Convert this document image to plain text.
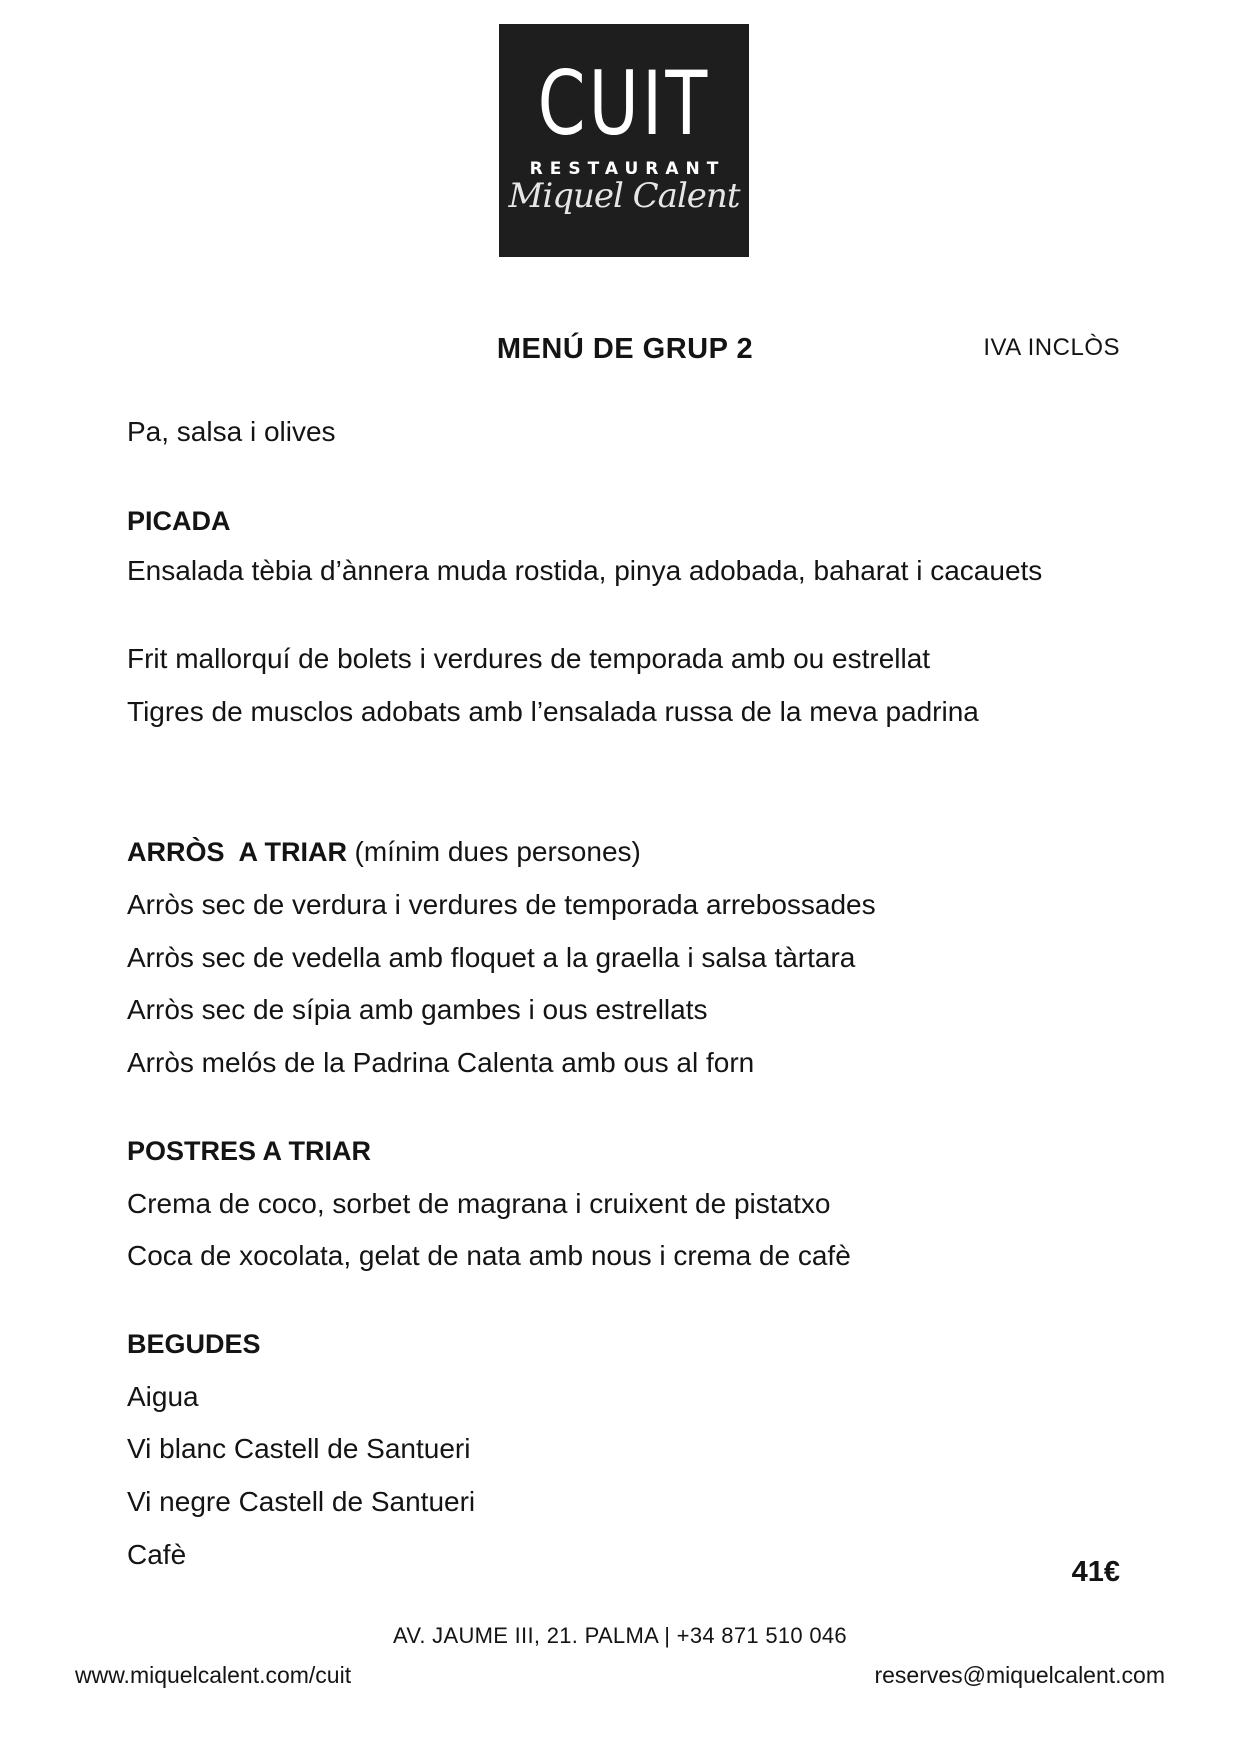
CUIT
RESTAURANT
Miquel Calent
MENÚ DE GRUP 2	IVA INCLÒS
Pa, salsa i olives
PICADA
Ensalada tèbia d’ànnera muda rostida, pinya adobada, baharat i cacauets
Frit mallorquí de bolets i verdures de temporada amb ou estrellat
Tigres de musclos adobats amb l’ensalada russa de la meva padrina
ARRÒS  A TRIAR (mínim dues persones)
Arròs sec de verdura i verdures de temporada arrebossades
Arròs sec de vedella amb floquet a la graella i salsa tàrtara
Arròs sec de sípia amb gambes i ous estrellats
Arròs melós de la Padrina Calenta amb ous al forn
POSTRES A TRIAR
Crema de coco, sorbet de magrana i cruixent de pistatxo
Coca de xocolata, gelat de nata amb nous i crema de cafè
BEGUDES
Aigua
Vi blanc Castell de Santueri
Vi negre Castell de Santueri
Cafè
41€
AV. JAUME III, 21. PALMA | +34 871 510 046
www.miquelcalent.com/cuit	reserves@miquelcalent.com
